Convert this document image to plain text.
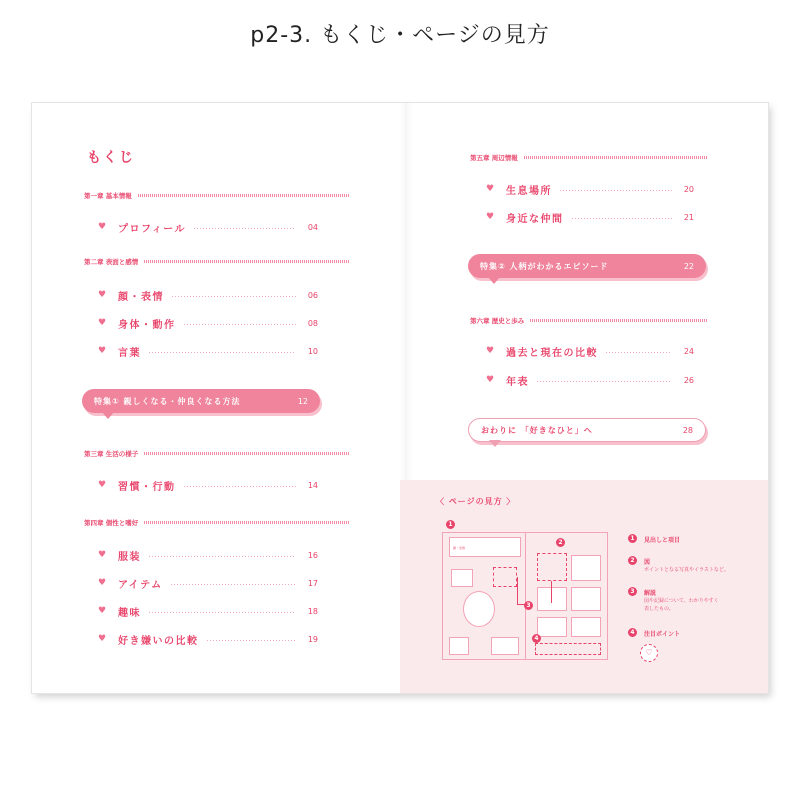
p2-3. もくじ・ページの見方
もくじ
第一章 基本情報
♥	プロフィール	04
第二章 表面と感情
♥	顔・表情	06
♥	身体・動作	08
♥	言葉	10
特集① 親しくなる・仲良くなる方法	12
第三章 生活の様子
♥	習慣・行動	14
第四章 個性と嗜好
♥	服装	16
♥	アイテム	17
♥	趣味	18
♥	好き嫌いの比較	19
第五章 周辺情報
♥	生息場所	20
♥	身近な仲間	21
特集② 人柄がわかるエピソード	22
第六章 歴史と歩み
♥	過去と現在の比較	24
♥	年表	26
おわりに 「好きなひと」へ	28
〈 ページの見方 〉
1
顔・表情
2
3
4
1	見出しと項目
2	図
ポイントとなる写真やイラストなど。
3	解説
図や記録について、わかりやすく
表したもの。
4	注目ポイント
♡
